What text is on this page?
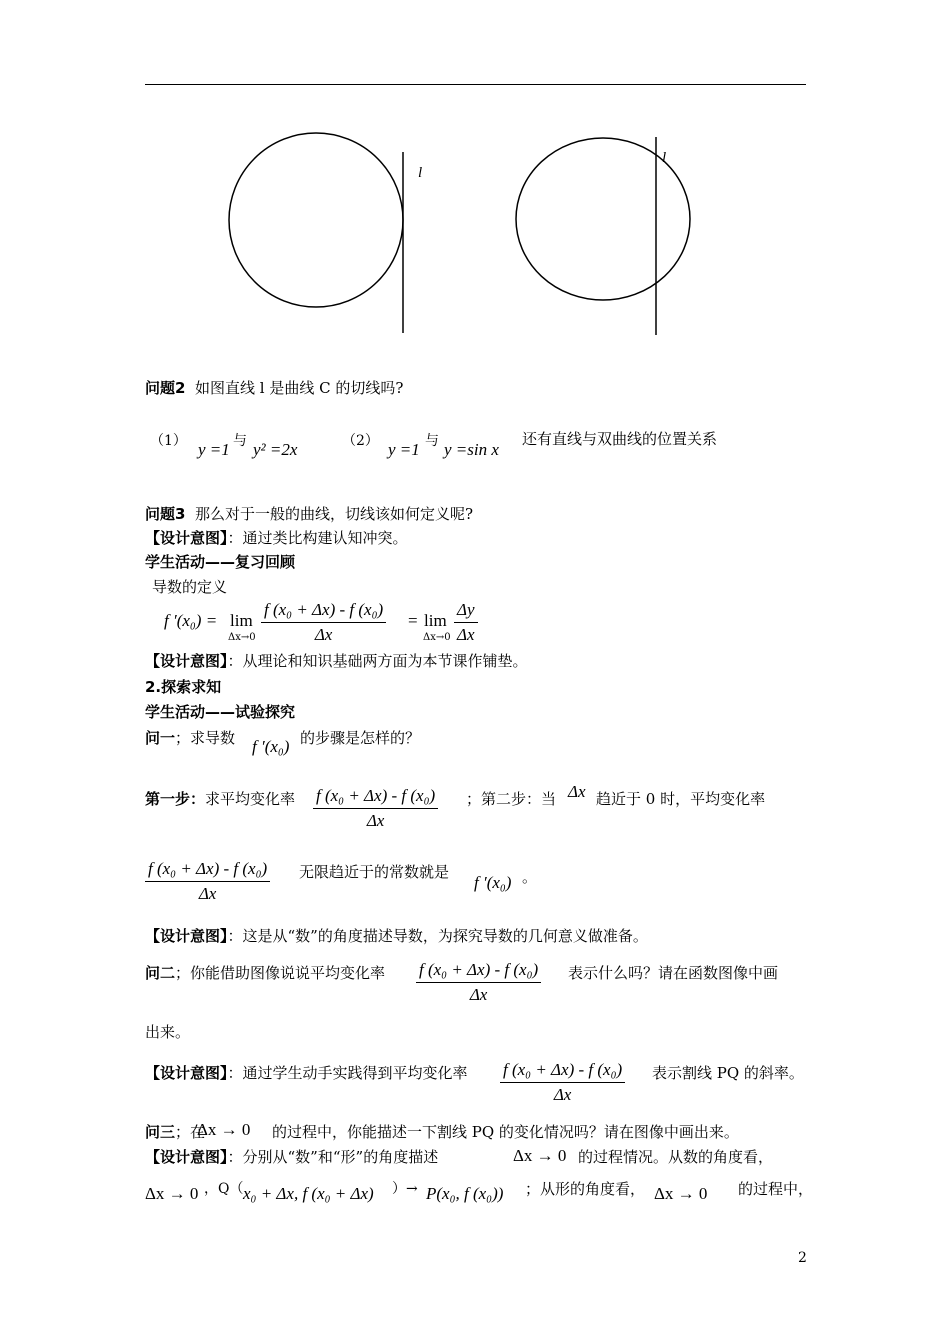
l
l
问题2 如图直线 l 是曲线 C 的切线吗?
（1） y =1 与 y² =2x	（2） y =1 与 y =sin x
还有直线与双曲线的位置关系
问题3 那么对于一般的曲线，切线该如何定义呢?
【设计意图】：通过类比构建认知冲突。
学生活动——复习回顾
导数的定义
f ′(x₀) = lim
$\Delta x\to 0 \frac{\text{f (x₀ + Δx) - f (x₀)}}{\Delta x} = \lim$
$\Delta x\to 0 \frac{\Delta y}{\Delta x}$
【设计意图】：从理论和知识基础两方面为本节课作铺垫。
2.探索求知
学生活动——试验探究
问一；求导数 f ′(x₀) 的步骤是怎样的？
第一步：求平均变化率 $\frac{\text{f (x₀ + Δx) - f (x₀)}}{\Delta x}$ ；第二步：当 Δx 趋近于 0 时，平均变化率
$\frac{\text{f (x₀ + Δx) - f (x₀)}}{\Delta x}$ 无限趋近于的常数就是
f ′(x₀) 。
【设计意图】：这是从“数”的角度描述导数，为探究导数的几何意义做准备。
问二；你能借助图像说说平均变化率 $\frac{\text{f (x₀ + Δx) - f (x₀)}}{\Delta x}$ 表示什么吗？请在函数图像中画
出来。
【设计意图】：通过学生动手实践得到平均变化率 $\frac{\text{f (x₀ + Δx) - f (x₀)}}{\Delta x}$ 表示割线 PQ 的斜率。
问三；在
Δx → 0 的过程中，你能描述一下割线 PQ 的变化情况吗？请在图像中画出来。
【设计意图】：分别从“数”和“形”的角度描述	Δx → 0 的过程情况。从数的角度看，
Δx → 0 ，Q（ x₀ + Δx, f (x₀ + Δx) ）→ P(x₀, f (x₀)) ；从形的角度看， Δx → 0 的过程中，
2
